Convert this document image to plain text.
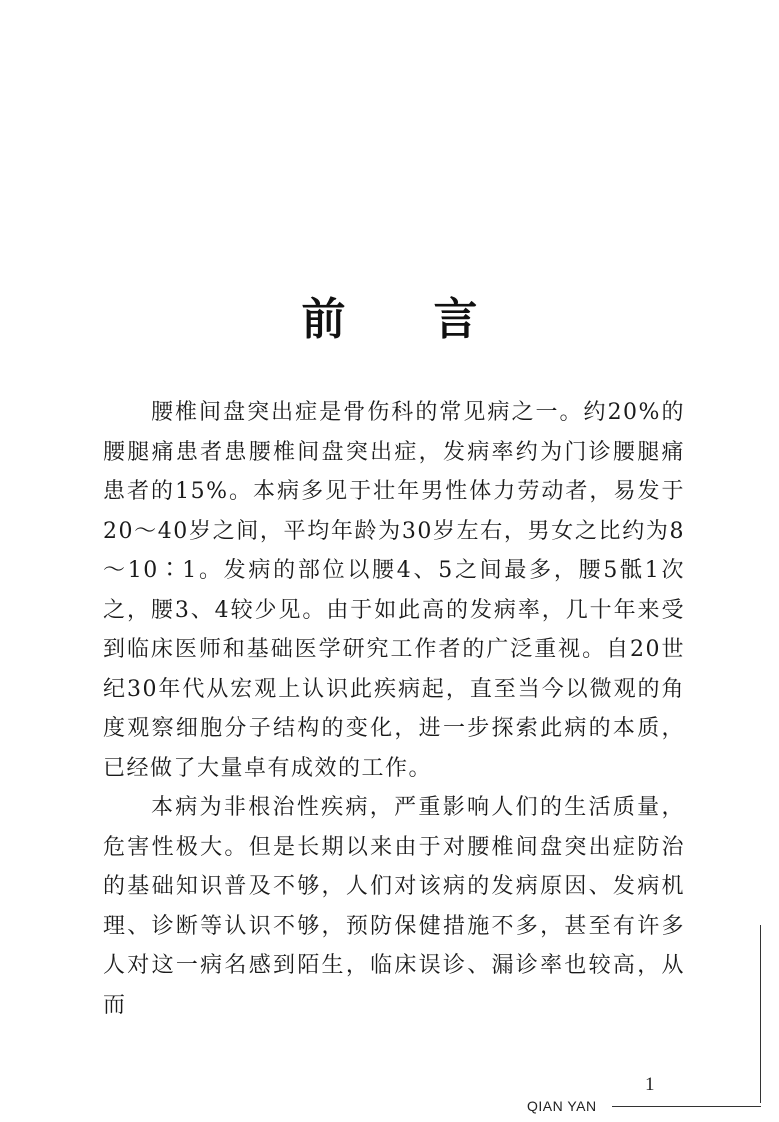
前言

腰椎间盘突出症是骨伤科的常见病之一。约20%的腰腿痛患者患腰椎间盘突出症，发病率约为门诊腰腿痛患者的15%。本病多见于壮年男性体力劳动者，易发于20～40岁之间，平均年龄为30岁左右，男女之比约为8～10∶1。发病的部位以腰4、5之间最多，腰5骶1次之，腰3、4较少见。由于如此高的发病率，几十年来受到临床医师和基础医学研究工作者的广泛重视。自20世纪30年代从宏观上认识此疾病起，直至当今以微观的角度观察细胞分子结构的变化，进一步探索此病的本质，已经做了大量卓有成效的工作。

本病为非根治性疾病，严重影响人们的生活质量，危害性极大。但是长期以来由于对腰椎间盘突出症防治的基础知识普及不够，人们对该病的发病原因、发病机理、诊断等认识不够，预防保健措施不多，甚至有许多人对这一病名感到陌生，临床误诊、漏诊率也较高，从而

QIAN YAN
1
